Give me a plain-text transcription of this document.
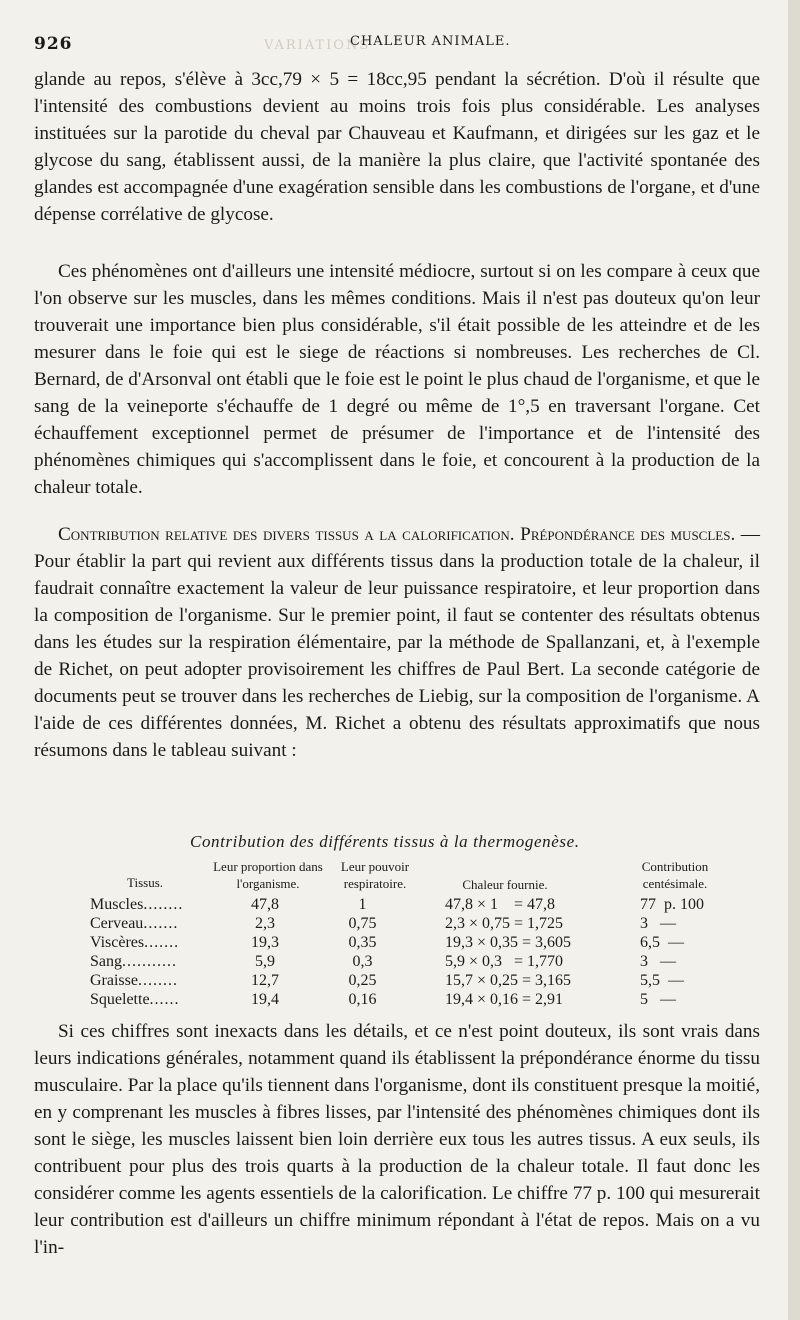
VARIATIONS
926	CHALEUR ANIMALE.

glande au repos, s'élève à 3cc,79 × 5 = 18cc,95 pendant la sécrétion. D'où il résulte que l'intensité des combustions devient au moins trois fois plus considérable. Les analyses instituées sur la parotide du cheval par Chauveau et Kaufmann, et dirigées sur les gaz et le glycose du sang, établissent aussi, de la manière la plus claire, que l'activité spontanée des glandes est accompagnée d'une exagération sensible dans les combustions de l'organe, et d'une dépense corrélative de glycose.

Ces phénomènes ont d'ailleurs une intensité médiocre, surtout si on les compare à ceux que l'on observe sur les muscles, dans les mêmes conditions. Mais il n'est pas douteux qu'on leur trouverait une importance bien plus considérable, s'il était possible de les atteindre et de les mesurer dans le foie qui est le siege de réactions si nombreuses. Les recherches de Cl. Bernard, de d'Arsonval ont établi que le foie est le point le plus chaud de l'organisme, et que le sang de la veineporte s'échauffe de 1 degré ou même de 1°,5 en traversant l'organe. Cet échauffement exceptionnel permet de présumer de l'importance et de l'intensité des phénomènes chimiques qui s'accomplissent dans le foie, et concourent à la production de la chaleur totale.

Contribution relative des divers tissus a la calorification. Prépondérance des muscles. — Pour établir la part qui revient aux différents tissus dans la production totale de la chaleur, il faudrait connaître exactement la valeur de leur puissance respiratoire, et leur proportion dans la composition de l'organisme. Sur le premier point, il faut se contenter des résultats obtenus dans les études sur la respiration élémentaire, par la méthode de Spallanzani, et, à l'exemple de Richet, on peut adopter provisoirement les chiffres de Paul Bert. La seconde catégorie de documents peut se trouver dans les recherches de Liebig, sur la composition de l'organisme. A l'aide de ces différentes données, M. Richet a obtenu des résultats approximatifs que nous résumons dans le tableau suivant :

Contribution des différents tissus à la thermogenèse.
Tissus.
Leur proportion dans l'organisme.
Leur pouvoir respiratoire.	Chaleur fournie.
Contribution centésimale.
Muscles........	47,8	1	47,8 × 1    = 47,8	77  p. 100
Cerveau.......	2,3	0,75	2,3 × 0,75 = 1,725	3   —
Viscères.......	19,3	0,35	19,3 × 0,35 = 3,605	6,5  —
Sang...........	5,9	0,3	5,9 × 0,3   = 1,770	3   —
Graisse........	12,7	0,25	15,7 × 0,25 = 3,165	5,5  —
Squelette......	19,4	0,16	19,4 × 0,16 = 2,91	5   —

Si ces chiffres sont inexacts dans les détails, et ce n'est point douteux, ils sont vrais dans leurs indications générales, notamment quand ils établissent la prépondérance énorme du tissu musculaire. Par la place qu'ils tiennent dans l'organisme, dont ils constituent presque la moitié, en y comprenant les muscles à fibres lisses, par l'intensité des phénomènes chimiques dont ils sont le siège, les muscles laissent bien loin derrière eux tous les autres tissus. A eux seuls, ils contribuent pour plus des trois quarts à la production de la chaleur totale. Il faut donc les considérer comme les agents essentiels de la calorification. Le chiffre 77 p. 100 qui mesurerait leur contribution est d'ailleurs un chiffre minimum répondant à l'état de repos. Mais on a vu l'in-
